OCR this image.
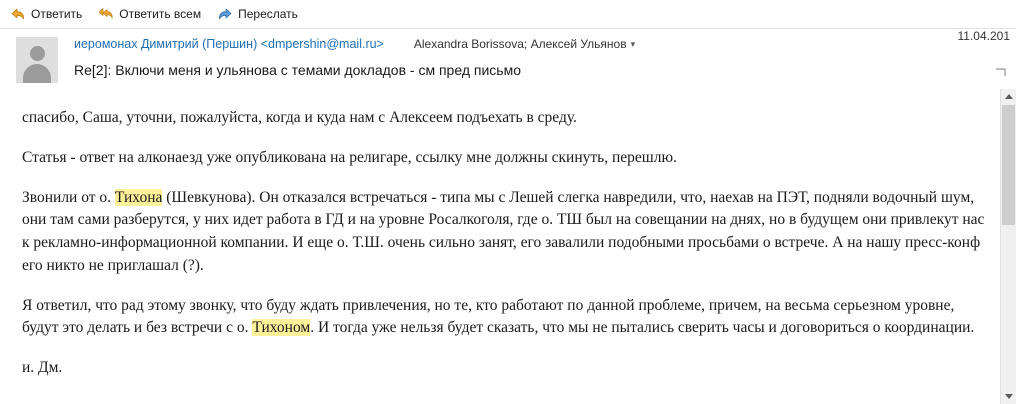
Ответить	Ответить всем	Переслать
иеромонах Димитрий (Першин) <dmpershin@mail.ru>	Alexandra Borissova; Алексей Ульянов ▾
11.04.201
Re[2]: Включи меня и ульянова с темами докладов - см пред письмо

спасибо, Саша, уточни, пожалуйста, когда и куда нам с Алексеем подъехать в среду.

Статья - ответ на алконаезд уже опубликована на религаре, ссылку мне должны скинуть, перешлю.

Звонили от о. Тихона (Шевкунова). Он отказался встречаться - типа мы с Лешей слегка навредили, что, наехав на ПЭТ, подняли водочный шум, они там сами разберутся, у них идет работа в ГД и на уровне Росалкоголя, где о. ТШ был на совещании на днях, но в будущем они привлекут нас к рекламно-информационной компании. И еще о. Т.Ш. очень сильно занят, его завалили подобными просьбами о встрече. А на нашу пресс-конф его никто не приглашал (?).

Я ответил, что рад этому звонку, что буду ждать привлечения, но те, кто работают по данной проблеме, причем, на весьма серьезном уровне, будут это делать и без встречи с о. Тихоном. И тогда уже нельзя будет сказать, что мы не пытались сверить часы и договориться о координации.

и. Дм.
